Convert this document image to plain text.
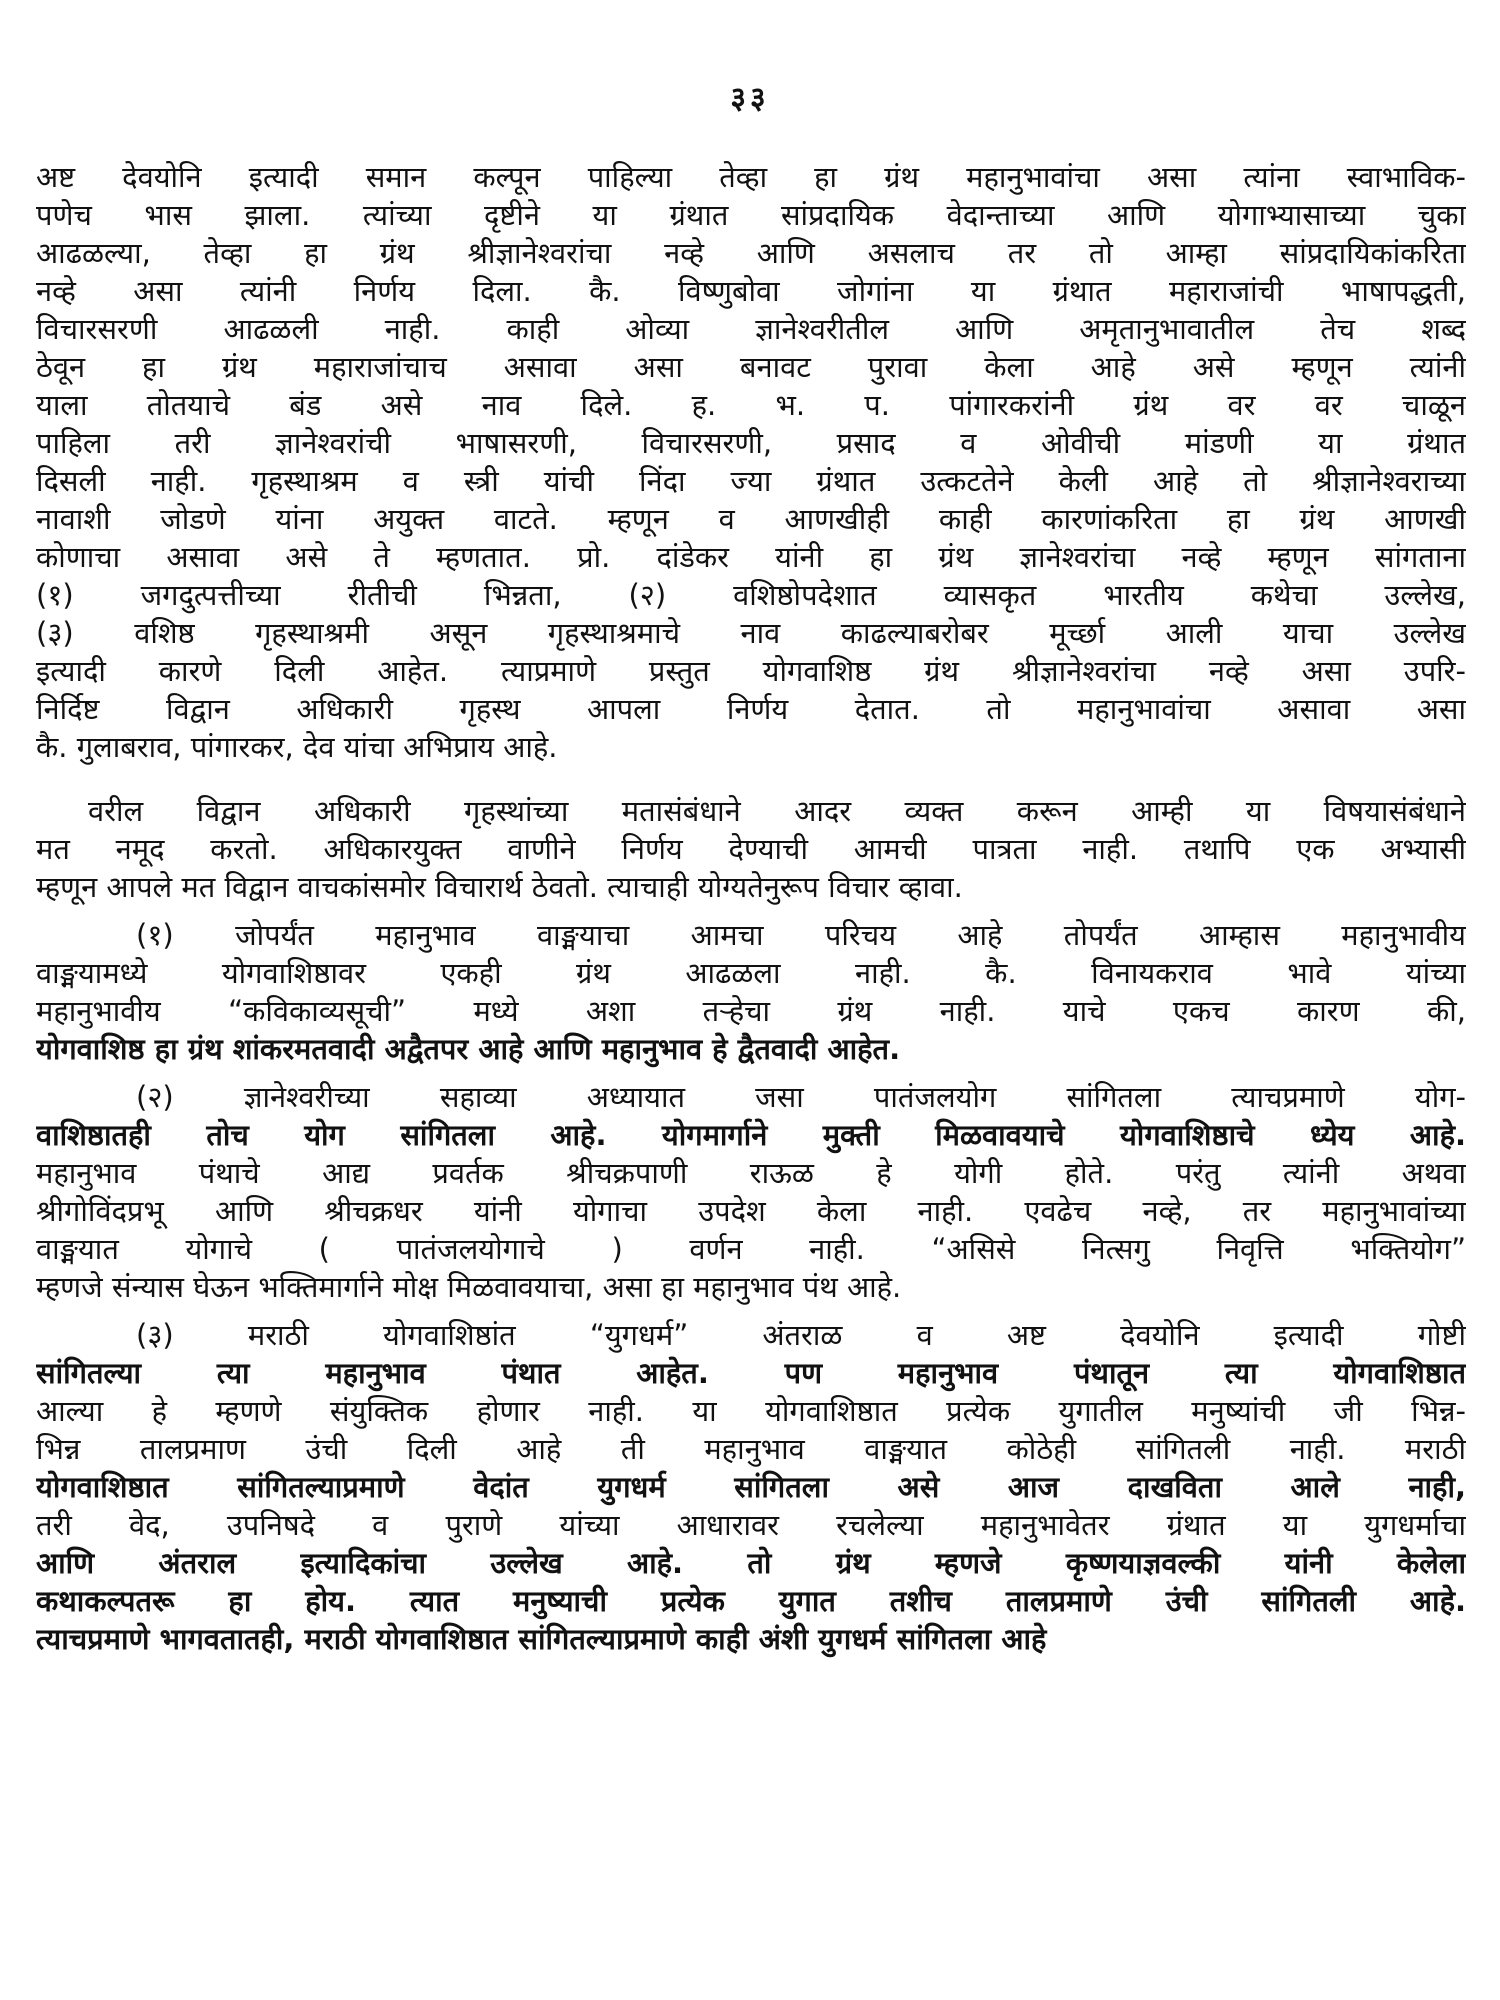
३३
अष्ट देवयोनि इत्यादी समान कल्पून पाहिल्या तेव्हा हा ग्रंथ महानुभावांचा असा त्यांना स्वाभाविक-
पणेच भास झाला. त्यांच्या दृष्टीने या ग्रंथात सांप्रदायिक वेदान्ताच्या आणि योगाभ्यासाच्या चुका
आढळल्या, तेव्हा हा ग्रंथ श्रीज्ञानेश्वरांचा नव्हे आणि असलाच तर तो आम्हा सांप्रदायिकांकरिता
नव्हे असा त्यांनी निर्णय दिला. कै. विष्णुबोवा जोगांना या ग्रंथात महाराजांची भाषापद्धती,
विचारसरणी आढळली नाही. काही ओव्या ज्ञानेश्वरीतील आणि अमृतानुभावातील तेच शब्द
ठेवून हा ग्रंथ महाराजांचाच असावा असा बनावट पुरावा केला आहे असे म्हणून त्यांनी
याला तोतयाचे बंड असे नाव दिले. ह. भ. प. पांगारकरांनी ग्रंथ वर वर चाळून
पाहिला तरी ज्ञानेश्वरांची भाषासरणी, विचारसरणी, प्रसाद व ओवीची मांडणी या ग्रंथात
दिसली नाही. गृहस्थाश्रम व स्त्री यांची निंदा ज्या ग्रंथात उत्कटतेने केली आहे तो श्रीज्ञानेश्वराच्या
नावाशी जोडणे यांना अयुक्त वाटते. म्हणून व आणखीही काही कारणांकरिता हा ग्रंथ आणखी
कोणाचा असावा असे ते म्हणतात. प्रो. दांडेकर यांनी हा ग्रंथ ज्ञानेश्वरांचा नव्हे म्हणून सांगताना
(१) जगदुत्पत्तीच्या रीतीची भिन्नता, (२) वशिष्ठोपदेशात व्यासकृत भारतीय कथेचा उल्लेख,
(३) वशिष्ठ गृहस्थाश्रमी असून गृहस्थाश्रमाचे नाव काढल्याबरोबर मूर्च्छा आली याचा उल्लेख
इत्यादी कारणे दिली आहेत. त्याप्रमाणे प्रस्तुत योगवाशिष्ठ ग्रंथ श्रीज्ञानेश्वरांचा नव्हे असा उपरि-
निर्दिष्ट विद्वान अधिकारी गृहस्थ आपला निर्णय देतात. तो महानुभावांचा असावा असा
कै. गुलाबराव, पांगारकर, देव यांचा अभिप्राय आहे.
वरील विद्वान अधिकारी गृहस्थांच्या मतासंबंधाने आदर व्यक्त करून आम्ही या विषयासंबंधाने
मत नमूद करतो. अधिकारयुक्त वाणीने निर्णय देण्याची आमची पात्रता नाही. तथापि एक अभ्यासी
म्हणून आपले मत विद्वान वाचकांसमोर विचारार्थ ठेवतो. त्याचाही योग्यतेनुरूप विचार व्हावा.
(१) जोपर्यंत महानुभाव वाङ्मयाचा आमचा परिचय आहे तोपर्यंत आम्हास महानुभावीय
वाङ्मयामध्ये योगवाशिष्ठावर एकही ग्रंथ आढळला नाही. कै. विनायकराव भावे यांच्या
महानुभावीय “कविकाव्यसूची” मध्ये अशा तऱ्हेचा ग्रंथ नाही. याचे एकच कारण की,
योगवाशिष्ठ हा ग्रंथ शांकरमतवादी अद्वैतपर आहे आणि महानुभाव हे द्वैतवादी आहेत.
(२) ज्ञानेश्वरीच्या सहाव्या अध्यायात जसा पातंजलयोग सांगितला त्याचप्रमाणे योग-
वाशिष्ठातही तोच योग सांगितला आहे. योगमार्गाने मुक्ती मिळवावयाचे योगवाशिष्ठाचे ध्येय आहे.
महानुभाव पंथाचे आद्य प्रवर्तक श्रीचक्रपाणी राऊळ हे योगी होते. परंतु त्यांनी अथवा
श्रीगोविंदप्रभू आणि श्रीचक्रधर यांनी योगाचा उपदेश केला नाही. एवढेच नव्हे, तर महानुभावांच्या
वाङ्मयात योगाचे ( पातंजलयोगाचे ) वर्णन नाही. “असिसे नित्सगु निवृत्ति भक्तियोग”
म्हणजे संन्यास घेऊन भक्तिमार्गाने मोक्ष मिळवावयाचा, असा हा महानुभाव पंथ आहे.
(३) मराठी योगवाशिष्ठांत “युगधर्म” अंतराळ व अष्ट देवयोनि इत्यादी गोष्टी
सांगितल्या त्या महानुभाव पंथात आहेत. पण महानुभाव पंथातून त्या योगवाशिष्ठात
आल्या हे म्हणणे संयुक्तिक होणार नाही. या योगवाशिष्ठात प्रत्येक युगातील मनुष्यांची जी भिन्न-
भिन्न तालप्रमाण उंची दिली आहे ती महानुभाव वाङ्मयात कोठेही सांगितली नाही. मराठी
योगवाशिष्ठात सांगितल्याप्रमाणे वेदांत युगधर्म सांगितला असे आज दाखविता आले नाही,
तरी वेद, उपनिषदे व पुराणे यांच्या आधारावर रचलेल्या महानुभावेतर ग्रंथात या युगधर्माचा
आणि अंतराल इत्यादिकांचा उल्लेख आहे. तो ग्रंथ म्हणजे कृष्णयाज्ञवल्की यांनी केलेला
कथाकल्पतरू हा होय. त्यात मनुष्याची प्रत्येक युगात तशीच तालप्रमाणे उंची सांगितली आहे.
त्याचप्रमाणे भागवतातही, मराठी योगवाशिष्ठात सांगितल्याप्रमाणे काही अंशी युगधर्म सांगितला आहे
